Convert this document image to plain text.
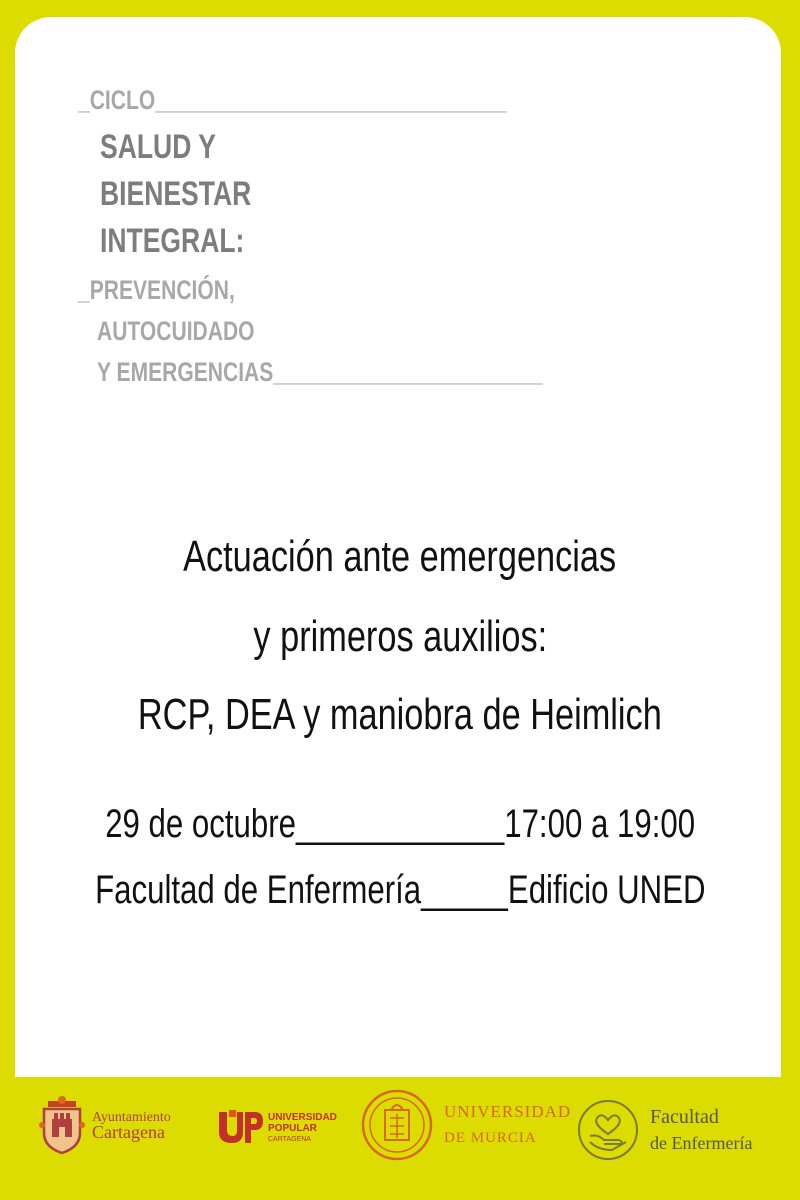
_CICLO______________________________
SALUD Y
BIENESTAR
INTEGRAL:
_PREVENCIÓN,
AUTOCUIDADO
Y EMERGENCIAS_______________________
Actuación ante emergencias
y primeros auxilios:
RCP, DEA y maniobra de Heimlich
29 de octubre____________17:00 a 19:00
Facultad de Enfermería_____Edificio UNED
Ayuntamiento
Cartagena
UNIVERSIDAD
POPULAR
CARTAGENA
UNIVERSIDAD
DE MURCIA
Facultad
de Enfermería
